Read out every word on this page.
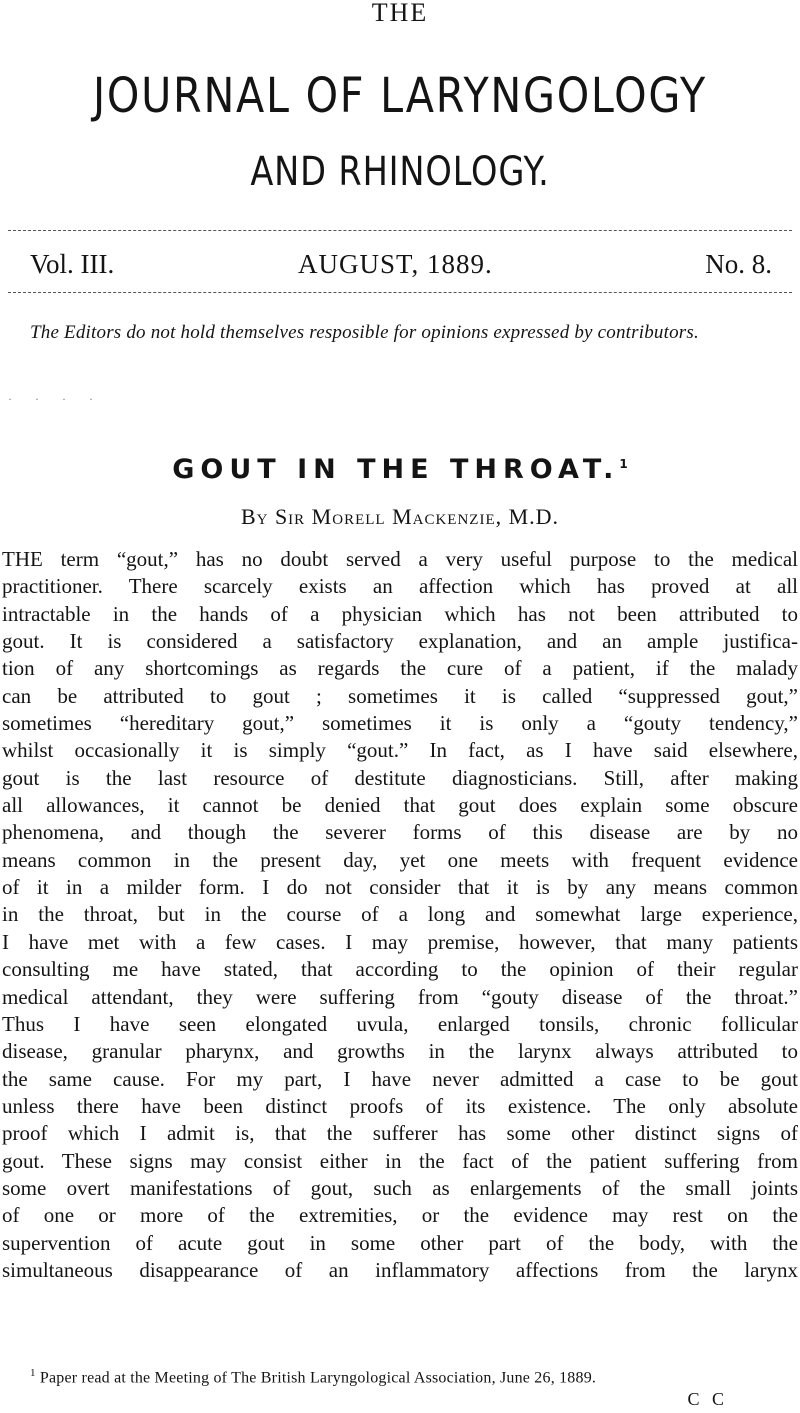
THE
JOURNAL OF LARYNGOLOGY
AND RHINOLOGY.
Vol. III.	AUGUST, 1889.	No. 8.
The Editors do not hold themselves resposible for opinions expressed by contributors.
· · · ·
GOUT IN THE THROAT.$^1$
By Sir Morell Mackenzie, M.D.
THE term “gout,” has no doubt served a very useful purpose to the medical
practitioner. There scarcely exists an affection which has proved at all
intractable in the hands of a physician which has not been attributed to
gout. It is considered a satisfactory explanation, and an ample justifica-
tion of any shortcomings as regards the cure of a patient, if the malady
can be attributed to gout ; sometimes it is called “suppressed gout,”
sometimes “hereditary gout,” sometimes it is only a “gouty tendency,”
whilst occasionally it is simply “gout.” In fact, as I have said elsewhere,
gout is the last resource of destitute diagnosticians. Still, after making
all allowances, it cannot be denied that gout does explain some obscure
phenomena, and though the severer forms of this disease are by no
means common in the present day, yet one meets with frequent evidence
of it in a milder form. I do not consider that it is by any means common
in the throat, but in the course of a long and somewhat large experience,
I have met with a few cases. I may premise, however, that many patients
consulting me have stated, that according to the opinion of their regular
medical attendant, they were suffering from “gouty disease of the throat.”
Thus I have seen elongated uvula, enlarged tonsils, chronic follicular
disease, granular pharynx, and growths in the larynx always attributed to
the same cause. For my part, I have never admitted a case to be gout
unless there have been distinct proofs of its existence. The only absolute
proof which I admit is, that the sufferer has some other distinct signs of
gout. These signs may consist either in the fact of the patient suffering from
some overt manifestations of gout, such as enlargements of the small joints
of one or more of the extremities, or the evidence may rest on the
supervention of acute gout in some other part of the body, with the
simultaneous disappearance of an inflammatory affections from the larynx
$^1$ Paper read at the Meeting of The British Laryngological Association, June 26, 1889.
C C
